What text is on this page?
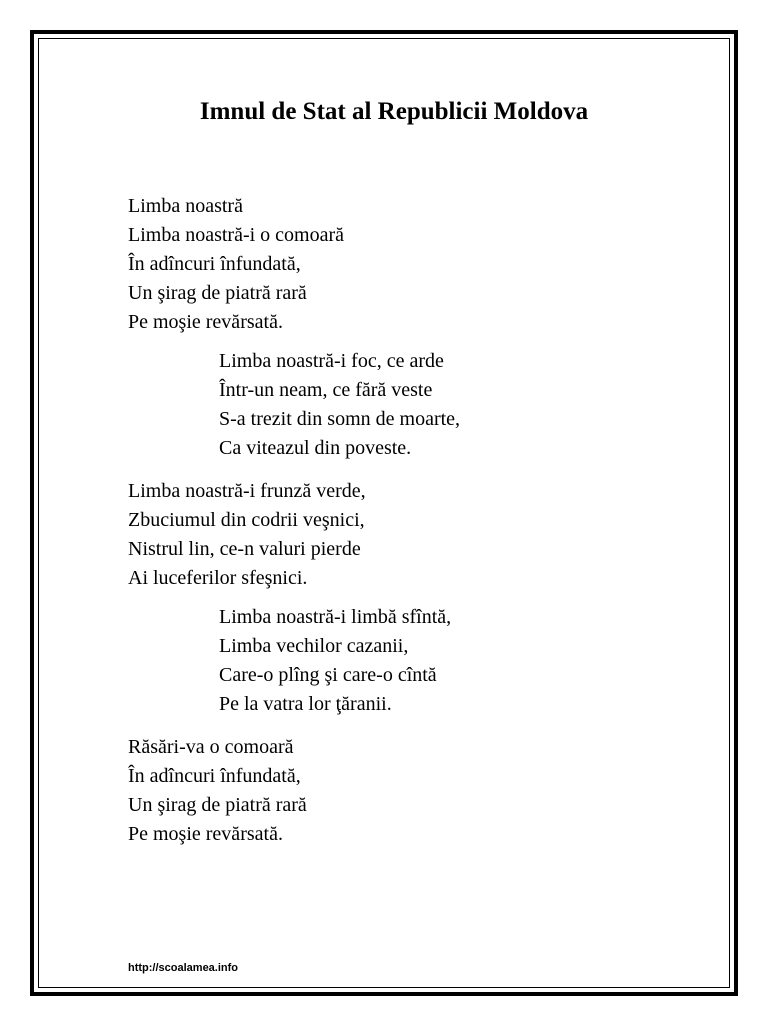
Imnul de Stat al Republicii Moldova
Limba noastră
Limba noastră-i o comoară
În adîncuri înfundată,
Un şirag de piatră rară
Pe moşie revărsată.
Limba noastră-i foc, ce arde
Într-un neam, ce fără veste
S-a trezit din somn de moarte,
Ca viteazul din poveste.
Limba noastră-i frunză verde,
Zbuciumul din codrii veşnici,
Nistrul lin, ce-n valuri pierde
Ai luceferilor sfeşnici.
Limba noastră-i limbă sfîntă,
Limba vechilor cazanii,
Care-o plîng şi care-o cîntă
Pe la vatra lor ţăranii.
Răsări-va o comoară
În adîncuri înfundată,
Un şirag de piatră rară
Pe moşie revărsată.
http://scoalamea.info
